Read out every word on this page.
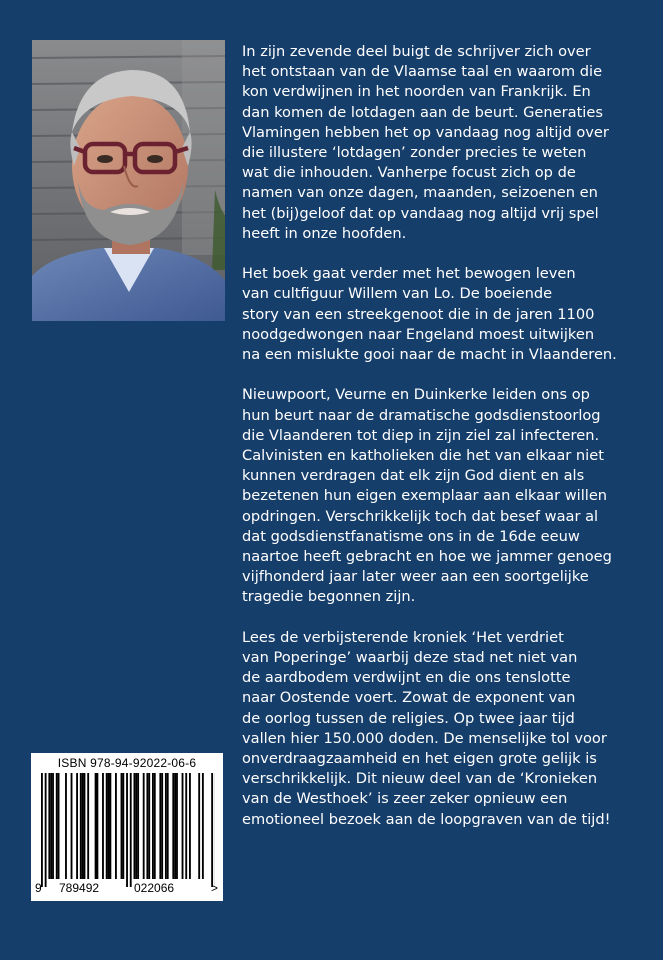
In zijn zevende deel buigt de schrijver zich over
het ontstaan van de Vlaamse taal en waarom die
kon verdwijnen in het noorden van Frankrijk. En
dan komen de lotdagen aan de beurt. Generaties
Vlamingen hebben het op vandaag nog altijd over
die illustere ‘lotdagen’ zonder precies te weten
wat die inhouden. Vanherpe focust zich op de
namen van onze dagen, maanden, seizoenen en
het (bij)geloof dat op vandaag nog altijd vrij spel
heeft in onze hoofden.

Het boek gaat verder met het bewogen leven
van cultfiguur Willem van Lo. De boeiende
story van een streekgenoot die in de jaren 1100
noodgedwongen naar Engeland moest uitwijken
na een mislukte gooi naar de macht in Vlaanderen.

Nieuwpoort, Veurne en Duinkerke leiden ons op
hun beurt naar de dramatische godsdienstoorlog
die Vlaanderen tot diep in zijn ziel zal infecteren.
Calvinisten en katholieken die het van elkaar niet
kunnen verdragen dat elk zijn God dient en als
bezetenen hun eigen exemplaar aan elkaar willen
opdringen. Verschrikkelijk toch dat besef waar al
dat godsdienstfanatisme ons in de 16de eeuw
naartoe heeft gebracht en hoe we jammer genoeg
vijfhonderd jaar later weer aan een soortgelijke
tragedie begonnen zijn.

Lees de verbijsterende kroniek ‘Het verdriet
van Poperinge’ waarbij deze stad net niet van
de aardbodem verdwijnt en die ons tenslotte
naar Oostende voert. Zowat de exponent van
de oorlog tussen de religies. Op twee jaar tijd
vallen hier 150.000 doden. De menselijke tol voor
onverdraagzaamheid en het eigen grote gelijk is
verschrikkelijk. Dit nieuw deel van de ‘Kronieken
van de Westhoek’ is zeer zeker opnieuw een
emotioneel bezoek aan de loopgraven van de tijd!

ISBN 978-94-92022-06-6
9 789492	022066	>
